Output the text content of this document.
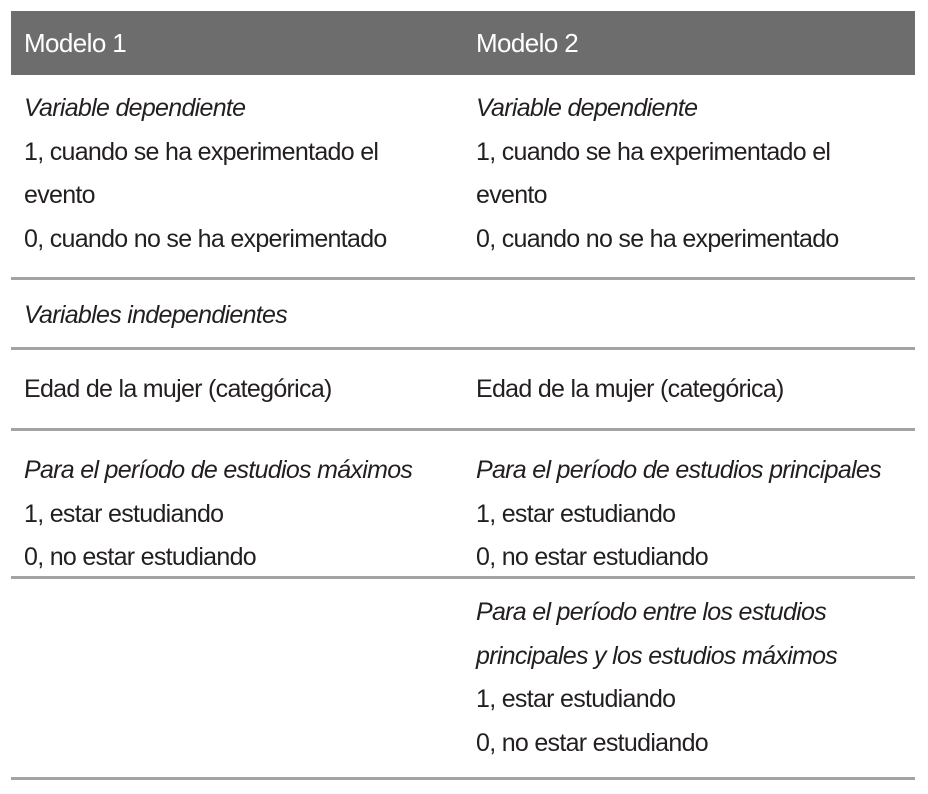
Modelo 1	Modelo 2
Variable dependiente
1, cuando se ha experimentado el
evento
0, cuando no se ha experimentado
Variable dependiente
1, cuando se ha experimentado el
evento
0, cuando no se ha experimentado
Variables independientes
Edad de la mujer (categórica)	Edad de la mujer (categórica)
Para el período de estudios máximos
1, estar estudiando
0, no estar estudiando
Para el período de estudios principales
1, estar estudiando
0, no estar estudiando
Para el período entre los estudios
principales y los estudios máximos
1, estar estudiando
0, no estar estudiando
